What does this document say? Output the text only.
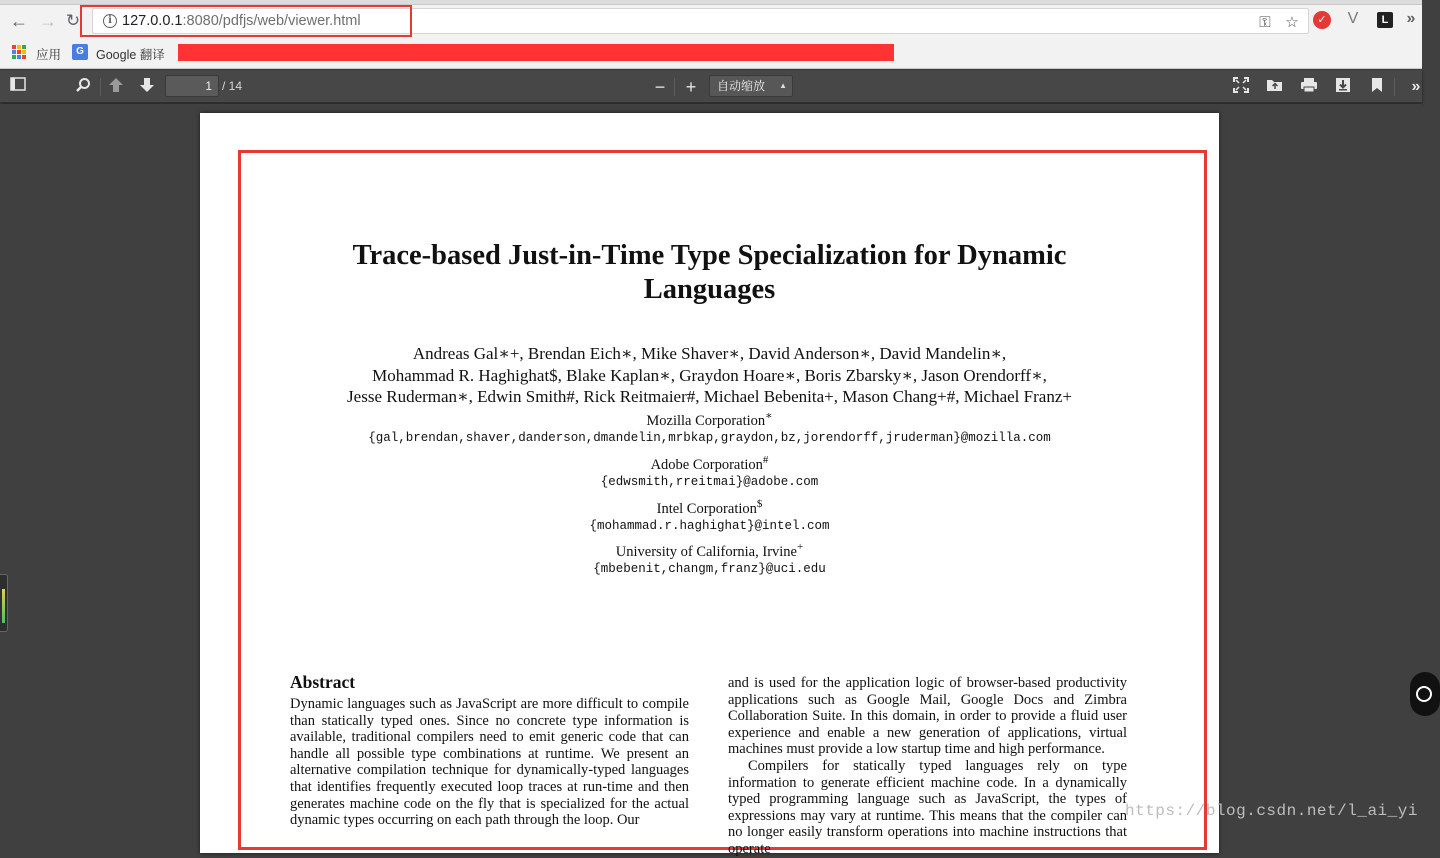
← → ↻	i 127.0.0.1:8080/pdfjs/web/viewer.html	⚿ ☆	✓ V	L »
应用	G Google 翻译
1 / 14	− +	自动缩放 ▲	»
Trace-based Just-in-Time Type Specialization for Dynamic
Languages
Andreas Gal∗+, Brendan Eich∗, Mike Shaver∗, David Anderson∗, David Mandelin∗,
Mohammad R. Haghighat$, Blake Kaplan∗, Graydon Hoare∗, Boris Zbarsky∗, Jason Orendorff∗,
Jesse Ruderman∗, Edwin Smith#, Rick Reitmaier#, Michael Bebenita+, Mason Chang+#, Michael Franz+
Mozilla Corporation∗
{gal,brendan,shaver,danderson,dmandelin,mrbkap,graydon,bz,jorendorff,jruderman}@mozilla.com
Adobe Corporation#
{edwsmith,rreitmai}@adobe.com
Intel Corporation$
{mohammad.r.haghighat}@intel.com
University of California, Irvine+
{mbebenit,changm,franz}@uci.edu
Abstract

Dynamic languages such as JavaScript are more difficult to compile than statically typed ones. Since no concrete type information is available, traditional compilers need to emit generic code that can handle all possible type combinations at runtime. We present an alternative compilation technique for dynamically-typed languages that identifies frequently executed loop traces at run-time and then generates machine code on the fly that is specialized for the actual dynamic types occurring on each path through the loop. Our

and is used for the application logic of browser-based productivity applications such as Google Mail, Google Docs and Zimbra Collaboration Suite. In this domain, in order to provide a fluid user experience and enable a new generation of applications, virtual machines must provide a low startup time and high performance.

Compilers for statically typed languages rely on type information to generate efficient machine code. In a dynamically typed programming language such as JavaScript, the types of expressions may vary at runtime. This means that the compiler can no longer easily transform operations into machine instructions that operate

https://blog.csdn.net/l_ai_yi
